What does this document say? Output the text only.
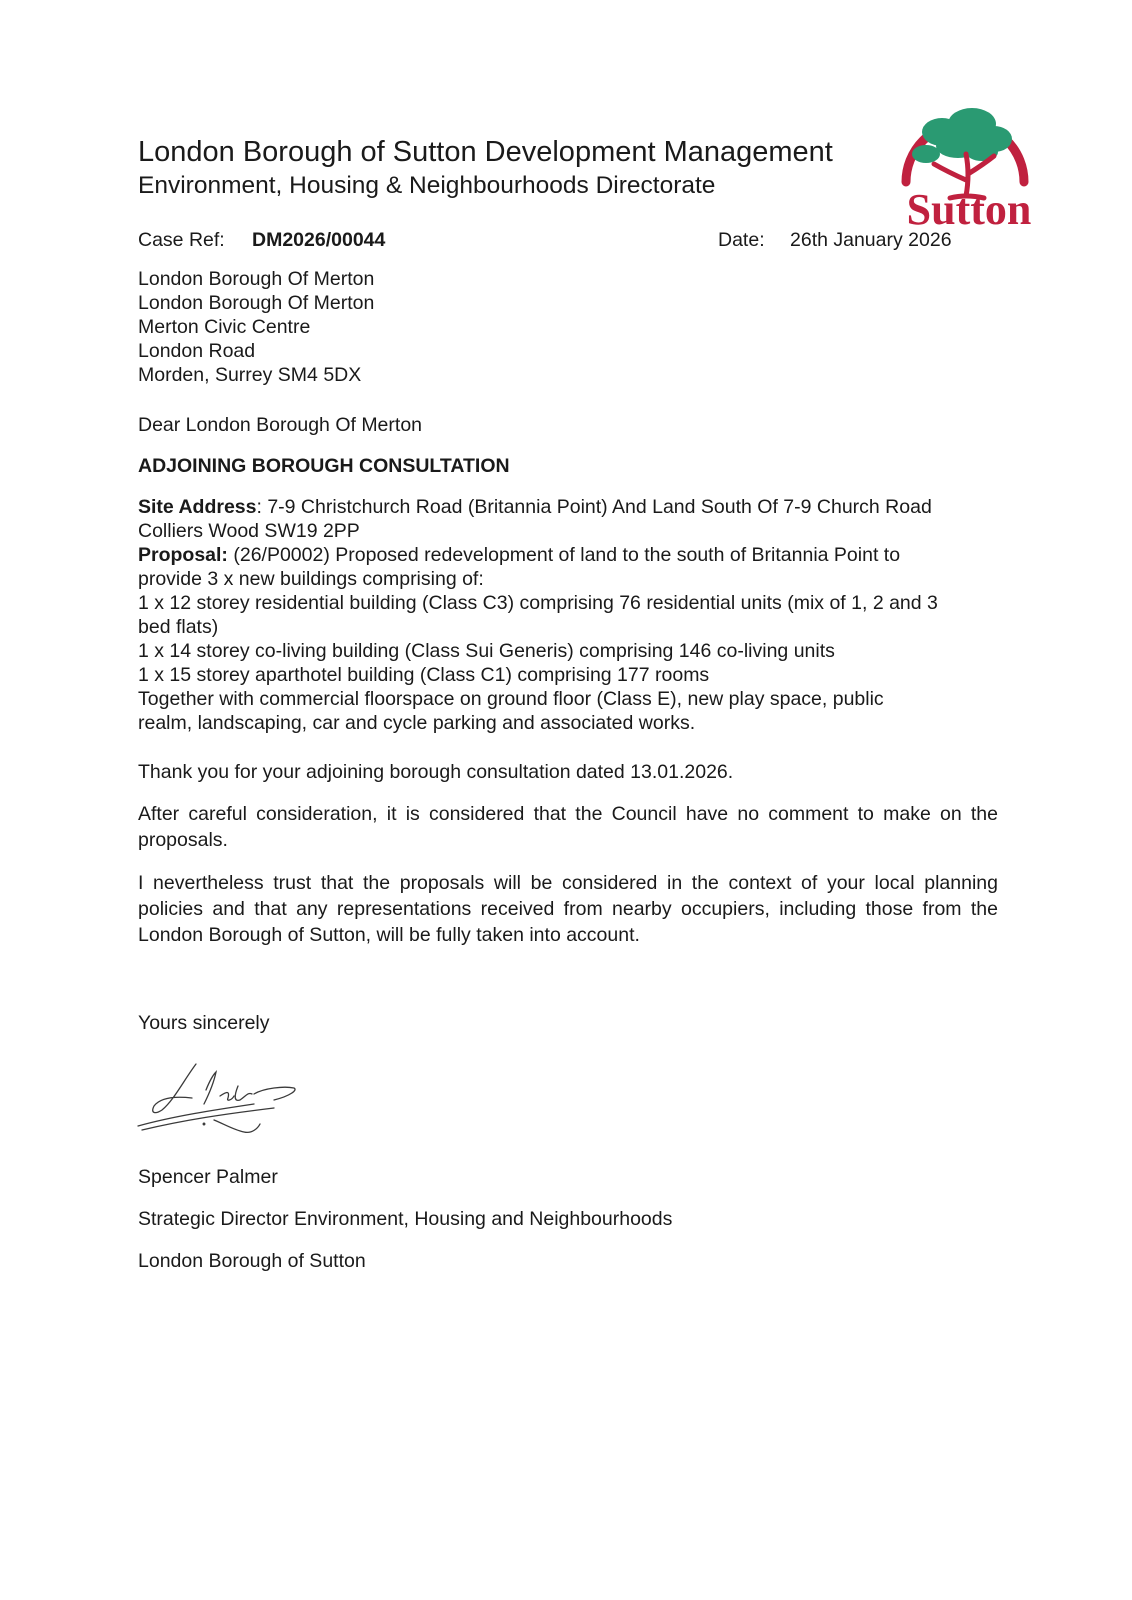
London Borough of Sutton Development Management
Environment, Housing & Neighbourhoods Directorate	Sutton
Case Ref: DM2026/00044	Date: 26th January 2026
London Borough Of Merton
London Borough Of Merton
Merton Civic Centre
London Road
Morden, Surrey SM4 5DX
Dear London Borough Of Merton
ADJOINING BOROUGH CONSULTATION
Site Address: 7-9 Christchurch Road (Britannia Point) And Land South Of 7-9 Church Road
Colliers Wood SW19 2PP
Proposal: (26/P0002) Proposed redevelopment of land to the south of Britannia Point to
provide 3 x new buildings comprising of:
1 x 12 storey residential building (Class C3) comprising 76 residential units (mix of 1, 2 and 3
bed flats)
1 x 14 storey co-living building (Class Sui Generis) comprising 146 co-living units
1 x 15 storey aparthotel building (Class C1) comprising 177 rooms
Together with commercial floorspace on ground floor (Class E), new play space, public
realm, landscaping, car and cycle parking and associated works.
Thank you for your adjoining borough consultation dated 13.01.2026.
After careful consideration, it is considered that the Council have no comment to make on the proposals.
I nevertheless trust that the proposals will be considered in the context of your local planning policies and that any representations received from nearby occupiers, including those from the London Borough of Sutton, will be fully taken into account.
Yours sincerely
Spencer Palmer
Strategic Director Environment, Housing and Neighbourhoods
London Borough of Sutton
